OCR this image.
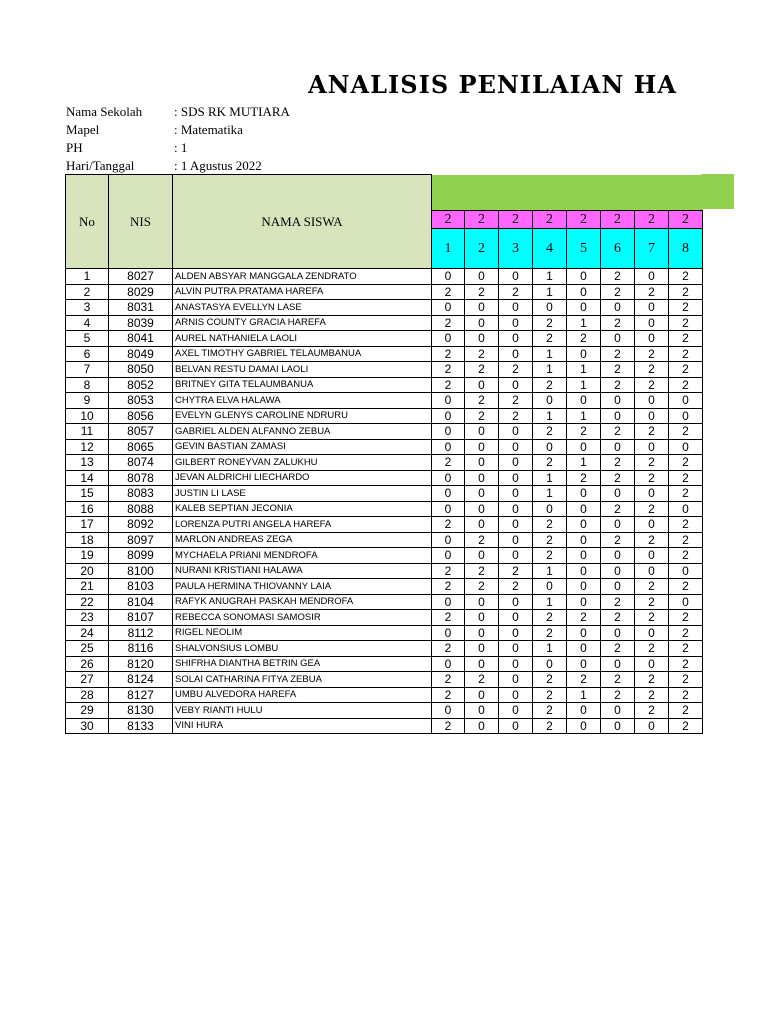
ANALISIS PENILAIAN HA
Nama Sekolah : SDS RK MUTIARA
Mapel	: Matematika
PH	: 1
Hari/Tanggal	: 1 Agustus 2022
No	NIS	NAMA SISWA								
			2	2	2	2	2	2	2	2
			1	2	3	4	5	6	7	8
1	8027	ALDEN ABSYAR MANGGALA ZENDRATO	0	0	0	1	0	2	0	2
2	8029	ALVIN PUTRA PRATAMA HAREFA	2	2	2	1	0	2	2	2
3	8031	ANASTASYA EVELLYN LASE	0	0	0	0	0	0	0	2
4	8039	ARNIS COUNTY GRACIA HAREFA	2	0	0	2	1	2	0	2
5	8041	AUREL NATHANIELA LAOLI	0	0	0	2	2	0	0	2
6	8049	AXEL TIMOTHY GABRIEL TELAUMBANUA	2	2	0	1	0	2	2	2
7	8050	BELVAN RESTU DAMAI LAOLI	2	2	2	1	1	2	2	2
8	8052	BRITNEY GITA TELAUMBANUA	2	0	0	2	1	2	2	2
9	8053	CHYTRA ELVA HALAWA	0	2	2	0	0	0	0	0
10	8056	EVELYN GLENYS CAROLINE NDRURU	0	2	2	1	1	0	0	0
11	8057	GABRIEL ALDEN ALFANNO ZEBUA	0	0	0	2	2	2	2	2
12	8065	GEVIN BASTIAN ZAMASI	0	0	0	0	0	0	0	0
13	8074	GILBERT RONEYVAN ZALUKHU	2	0	0	2	1	2	2	2
14	8078	JEVAN ALDRICHI LIECHARDO	0	0	0	1	2	2	2	2
15	8083	JUSTIN LI LASE	0	0	0	1	0	0	0	2
16	8088	KALEB SEPTIAN JECONIA	0	0	0	0	0	2	2	0
17	8092	LORENZA PUTRI ANGELA HAREFA	2	0	0	2	0	0	0	2
18	8097	MARLON ANDREAS ZEGA	0	2	0	2	0	2	2	2
19	8099	MYCHAELA PRIANI MENDROFA	0	0	0	2	0	0	0	2
20	8100	NURANI KRISTIANI HALAWA	2	2	2	1	0	0	0	0
21	8103	PAULA HERMINA THIOVANNY LAIA	2	2	2	0	0	0	2	2
22	8104	RAFYK ANUGRAH PASKAH MENDROFA	0	0	0	1	0	2	2	0
23	8107	REBECCA SONOMASI SAMOSIR	2	0	0	2	2	2	2	2
24	8112	RIGEL NEOLIM	0	0	0	2	0	0	0	2
25	8116	SHALVONSIUS LOMBU	2	0	0	1	0	2	2	2
26	8120	SHIFRHA DIANTHA BETRIN GEA	0	0	0	0	0	0	0	2
27	8124	SOLAI CATHARINA FITYA ZEBUA	2	2	0	2	2	2	2	2
28	8127	UMBU ALVEDORA HAREFA	2	0	0	2	1	2	2	2
29	8130	VEBY RIANTI HULU	0	0	0	2	0	0	2	2
30	8133	VINI HURA	2	0	0	2	0	0	0	2
